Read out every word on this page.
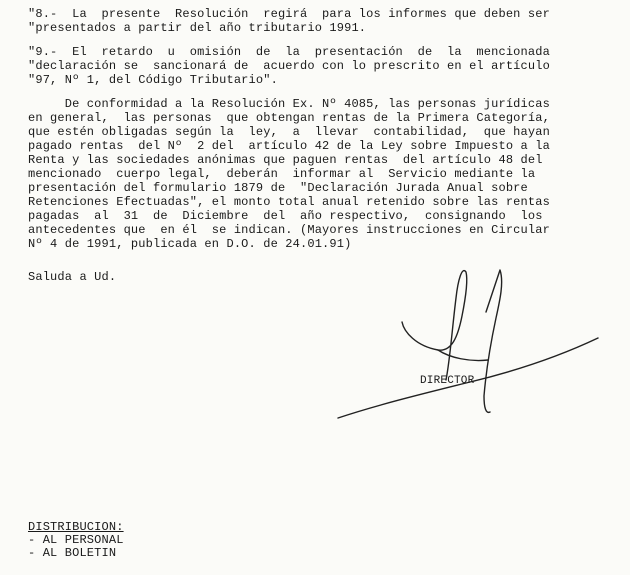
"8.-  La  presente  Resolución  regirá  para los informes que deben ser
"presentados a partir del año tributario 1991.
"9.-  El  retardo  u  omisión  de  la  presentación  de  la  mencionada
"declaración se  sancionará de  acuerdo con lo prescrito en el artículo
"97, Nº 1, del Código Tributario".
De conformidad a la Resolución Ex. Nº 4085, las personas jurídicas
en general,  las personas  que obtengan rentas de la Primera Categoría,
que estén obligadas según la  ley,  a  llevar  contabilidad,  que hayan
pagado rentas  del Nº  2 del  artículo 42 de la Ley sobre Impuesto a la
Renta y las sociedades anónimas que paguen rentas  del artículo 48 del
mencionado  cuerpo legal,  deberán  informar al  Servicio mediante la
presentación del formulario 1879 de  "Declaración Jurada Anual sobre
Retenciones Efectuadas", el monto total anual retenido sobre las rentas
pagadas  al  31  de  Diciembre  del  año respectivo,  consignando  los
antecedentes que  en él  se indican. (Mayores instrucciones en Circular
Nº 4 de 1991, publicada en D.O. de 24.01.91)
Saluda a Ud.
DIRECTOR
DISTRIBUCION:
- AL PERSONAL
- AL BOLETIN
